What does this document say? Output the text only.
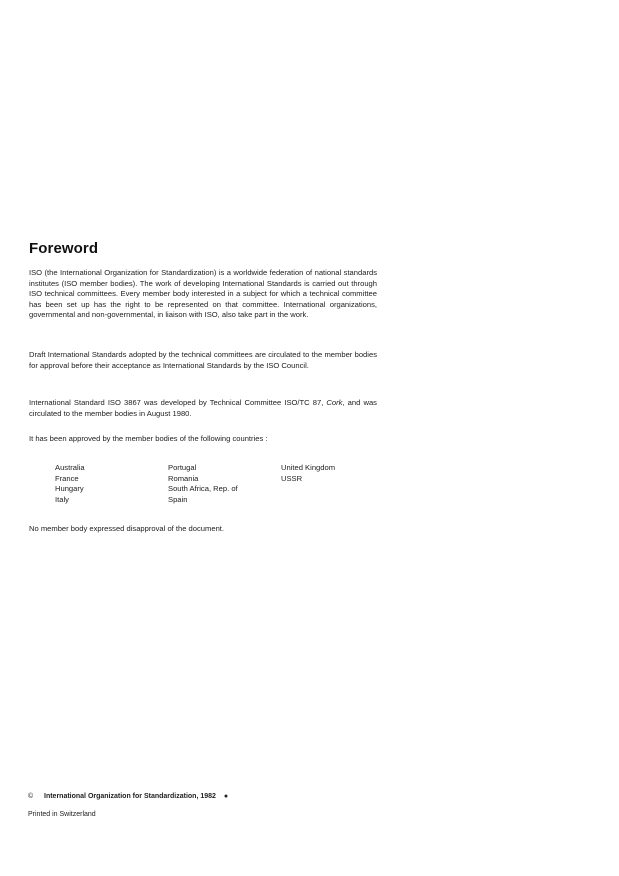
Foreword

ISO (the International Organization for Standardization) is a worldwide federation of national standards institutes (ISO member bodies). The work of developing International Standards is carried out through ISO technical committees. Every member body interested in a subject for which a technical committee has been set up has the right to be represented on that committee. International organizations, governmental and non-governmental, in liaison with ISO, also take part in the work.

Draft International Standards adopted by the technical committees are circulated to the member bodies for approval before their acceptance as International Standards by the ISO Council.

International Standard ISO 3867 was developed by Technical Committee ISO/TC 87, Cork, and was circulated to the member bodies in August 1980.

It has been approved by the member bodies of the following countries :

Australia
France
Hungary
Italy
Portugal
Romania
South Africa, Rep. of
Spain
United Kingdom
USSR

No member body expressed disapproval of the document.

© International Organization for Standardization, 1982 ●
Printed in Switzerland
